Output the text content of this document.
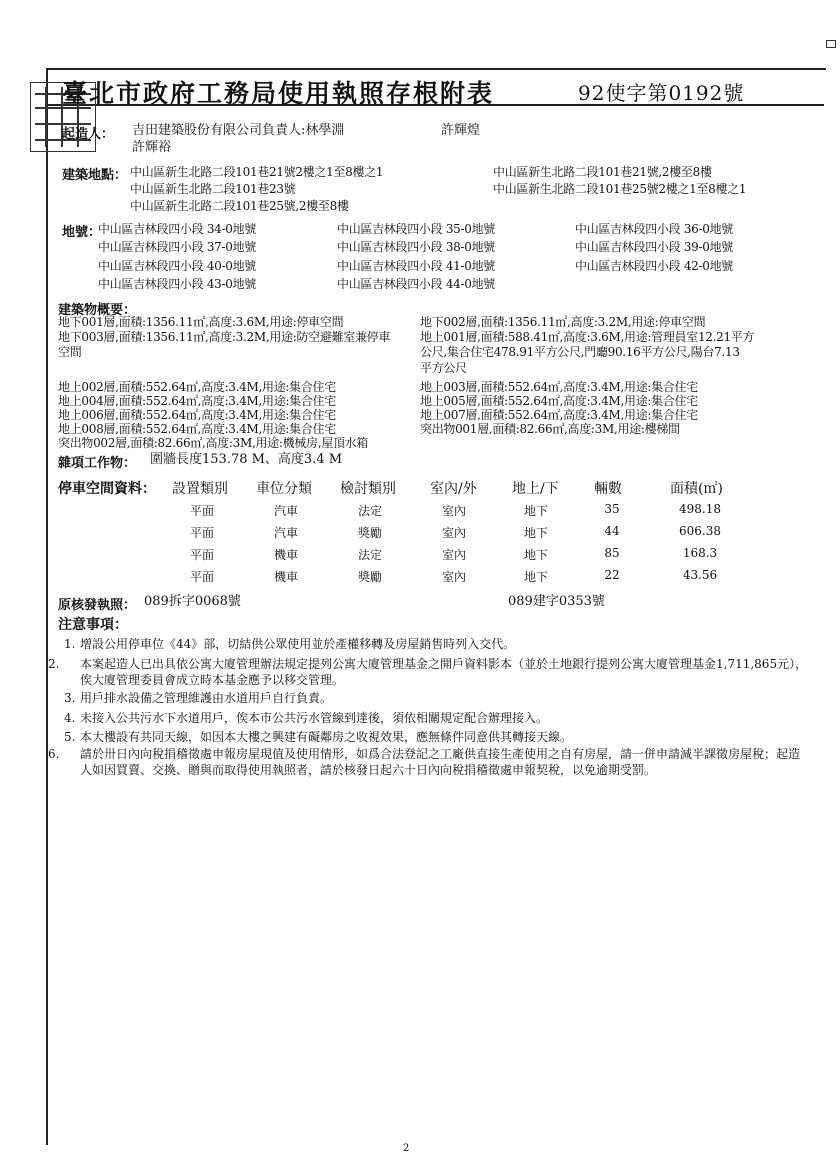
臺北市政府工務局使用執照存根附表	92使字第0192號
起造人： 吉田建築股份有限公司負責人:林學淵	許輝煌
許輝裕
建築地點： 中山區新生北路二段101巷21號2樓之1至8樓之1	中山區新生北路二段101巷21號,2樓至8樓
中山區新生北路二段101巷23號	中山區新生北路二段101巷25號2樓之1至8樓之1
中山區新生北路二段101巷25號,2樓至8樓
地號：
中山區吉林段四小段 34-0地號	中山區吉林段四小段 35-0地號	中山區吉林段四小段 36-0地號
中山區吉林段四小段 37-0地號	中山區吉林段四小段 38-0地號	中山區吉林段四小段 39-0地號
中山區吉林段四小段 40-0地號	中山區吉林段四小段 41-0地號	中山區吉林段四小段 42-0地號
中山區吉林段四小段 43-0地號	中山區吉林段四小段 44-0地號
建築物概要：
地下001層,面積:1356.11㎡,高度:3.6M,用途:停車空間
地下003層,面積:1356.11㎡,高度:3.2M,用途:防空避難室兼停車
空間
地下002層,面積:1356.11㎡,高度:3.2M,用途:停車空間
地上001層,面積:588.41㎡,高度:3.6M,用途:管理員室12.21平方
公尺,集合住宅478.91平方公尺,門廳90.16平方公尺,陽台7.13
平方公尺
地上002層,面積:552.64㎡,高度:3.4M,用途:集合住宅
地上004層,面積:552.64㎡,高度:3.4M,用途:集合住宅
地上006層,面積:552.64㎡,高度:3.4M,用途:集合住宅
地上008層,面積:552.64㎡,高度:3.4M,用途:集合住宅
突出物002層,面積:82.66㎡,高度:3M,用途:機械房,屋頂水箱
地上003層,面積:552.64㎡,高度:3.4M,用途:集合住宅
地上005層,面積:552.64㎡,高度:3.4M,用途:集合住宅
地上007層,面積:552.64㎡,高度:3.4M,用途:集合住宅
突出物001層,面積:82.66㎡,高度:3M,用途:樓梯間
雜項工作物： 圍牆長度153.78 M、高度3.4 M
停車空間資料： 設置類別 車位分類 檢討類別 室內/外	地上/下	輛數	面積(㎡)
平面	汽車	法定	室內	地下	35	498.18
平面	汽車	獎勵	室內	地下	44	606.38
平面	機車	法定	室內	地下	85	168.3
平面	機車	獎勵	室內	地下	22	43.56
原核發執照： 089拆字0068號	089建字0353號
注意事項：
1. 增設公用停車位《44》部，切結供公眾使用並於產權移轉及房屋銷售時列入交代。
2. 本案起造人已出具依公寓大廈管理辦法規定提列公寓大廈管理基金之開戶資料影本（並於土地銀行提列公寓大廈管理基金1,711,865元），俟大廈管理委員會成立時本基金應予以移交管理。
3. 用戶排水設備之管理維護由水道用戶自行負責。
4. 未接入公共污水下水道用戶，俟本市公共污水管線到達後，須依相關規定配合辦理接入。
5. 本大樓設有共同天線，如因本大樓之興建有礙鄰房之收視效果，應無條件同意供其轉接天線。
6. 請於卅日內向稅捐稽徵處申報房屋現值及使用情形，如爲合法登記之工廠供直接生產使用之自有房屋，請一併申請減半課徵房屋稅；起造人如因買賣、交換、贈與而取得使用執照者，請於核發日起六十日內向稅捐稽徵處申報契稅，以免逾期受罰。
2
